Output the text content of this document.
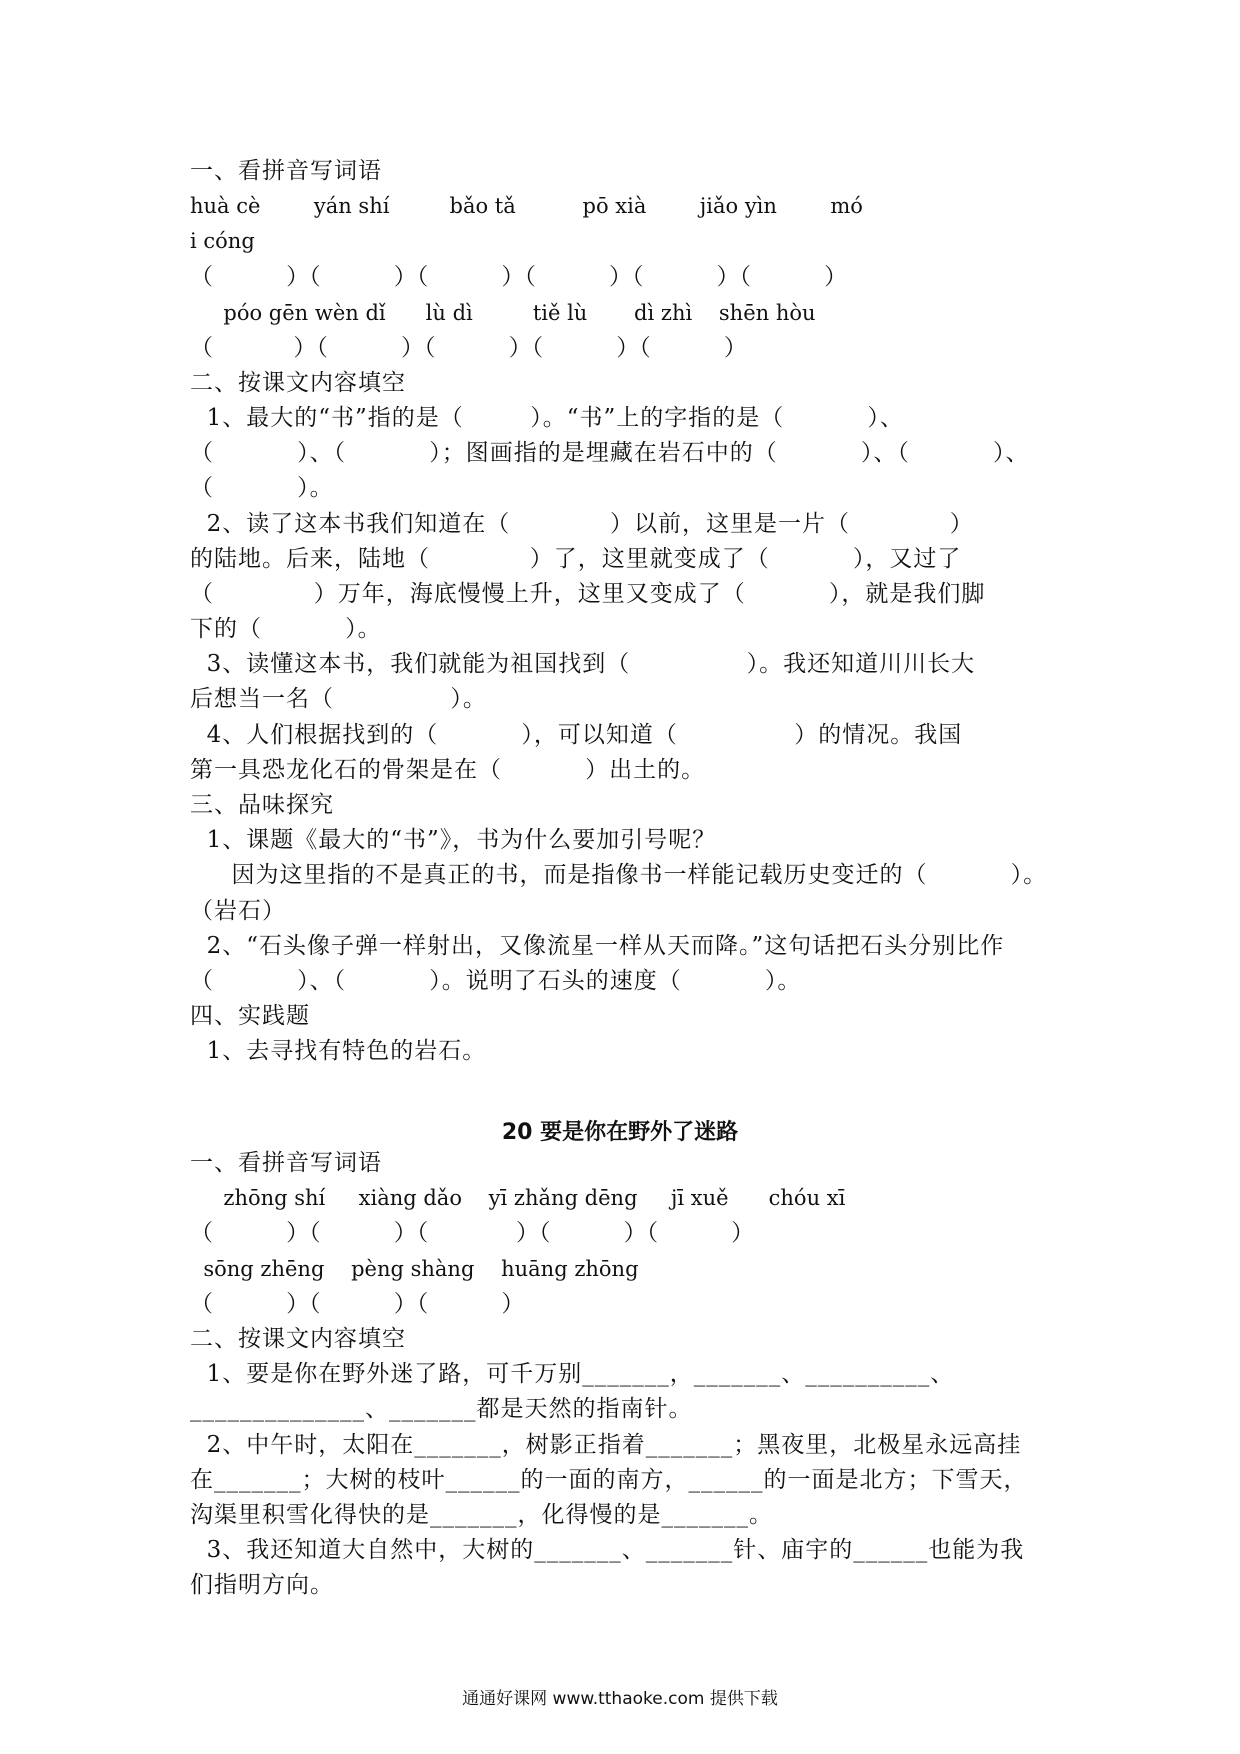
一、看拼音写词语
huà cè        yán shí         bǎo tǎ          pō xià        jiǎo yìn        mó
i cóng
（          ）（          ）（          ）（          ）（          ）（          ）
póo gēn wèn dǐ      lù dì         tiě lù       dì zhì    shēn hòu
（           ）（          ）（          ）（          ）（          ）
二、按课文内容填空
1、最大的“书”指的是（        ）。“书”上的字指的是（          ）、
（          ）、（          ）；图画指的是埋藏在岩石中的（          ）、（          ）、
（          ）。
2、读了这本书我们知道在（            ）以前，这里是一片（            ）
的陆地。后来，陆地（            ）了，这里就变成了（          ），又过了
（            ）万年，海底慢慢上升，这里又变成了（          ），就是我们脚
下的（          ）。
3、读懂这本书，我们就能为祖国找到（              ）。我还知道川川长大
后想当一名（              ）。
4、人们根据找到的（          ），可以知道（              ）的情况。我国
第一具恐龙化石的骨架是在（          ）出土的。
三、品味探究
1、课题《最大的“书”》，书为什么要加引号呢？
因为这里指的不是真正的书，而是指像书一样能记载历史变迁的（          ）。
（岩石）
2、“石头像子弹一样射出，又像流星一样从天而降。”这句话把石头分别比作
（          ）、（          ）。说明了石头的速度（          ）。
四、实践题
1、去寻找有特色的岩石。
20 要是你在野外了迷路
一、看拼音写词语
zhōng shí     xiàng dǎo    yī zhǎng dēng     jī xuě      chóu xī
（          ）（          ）（            ）（          ）（          ）
sōng zhēng    pèng shàng    huāng zhōng
（          ）（          ）（          ）
二、按课文内容填空
1、要是你在野外迷了路，可千万别_______，_______、__________、
______________、_______都是天然的指南针。
2、中午时，太阳在_______，树影正指着_______；黑夜里，北极星永远高挂
在_______；大树的枝叶______的一面的南方，______的一面是北方；下雪天，
沟渠里积雪化得快的是_______，化得慢的是_______。
3、我还知道大自然中，大树的_______、_______针、庙宇的______也能为我
们指明方向。
通通好课网 www.tthaoke.com 提供下载
